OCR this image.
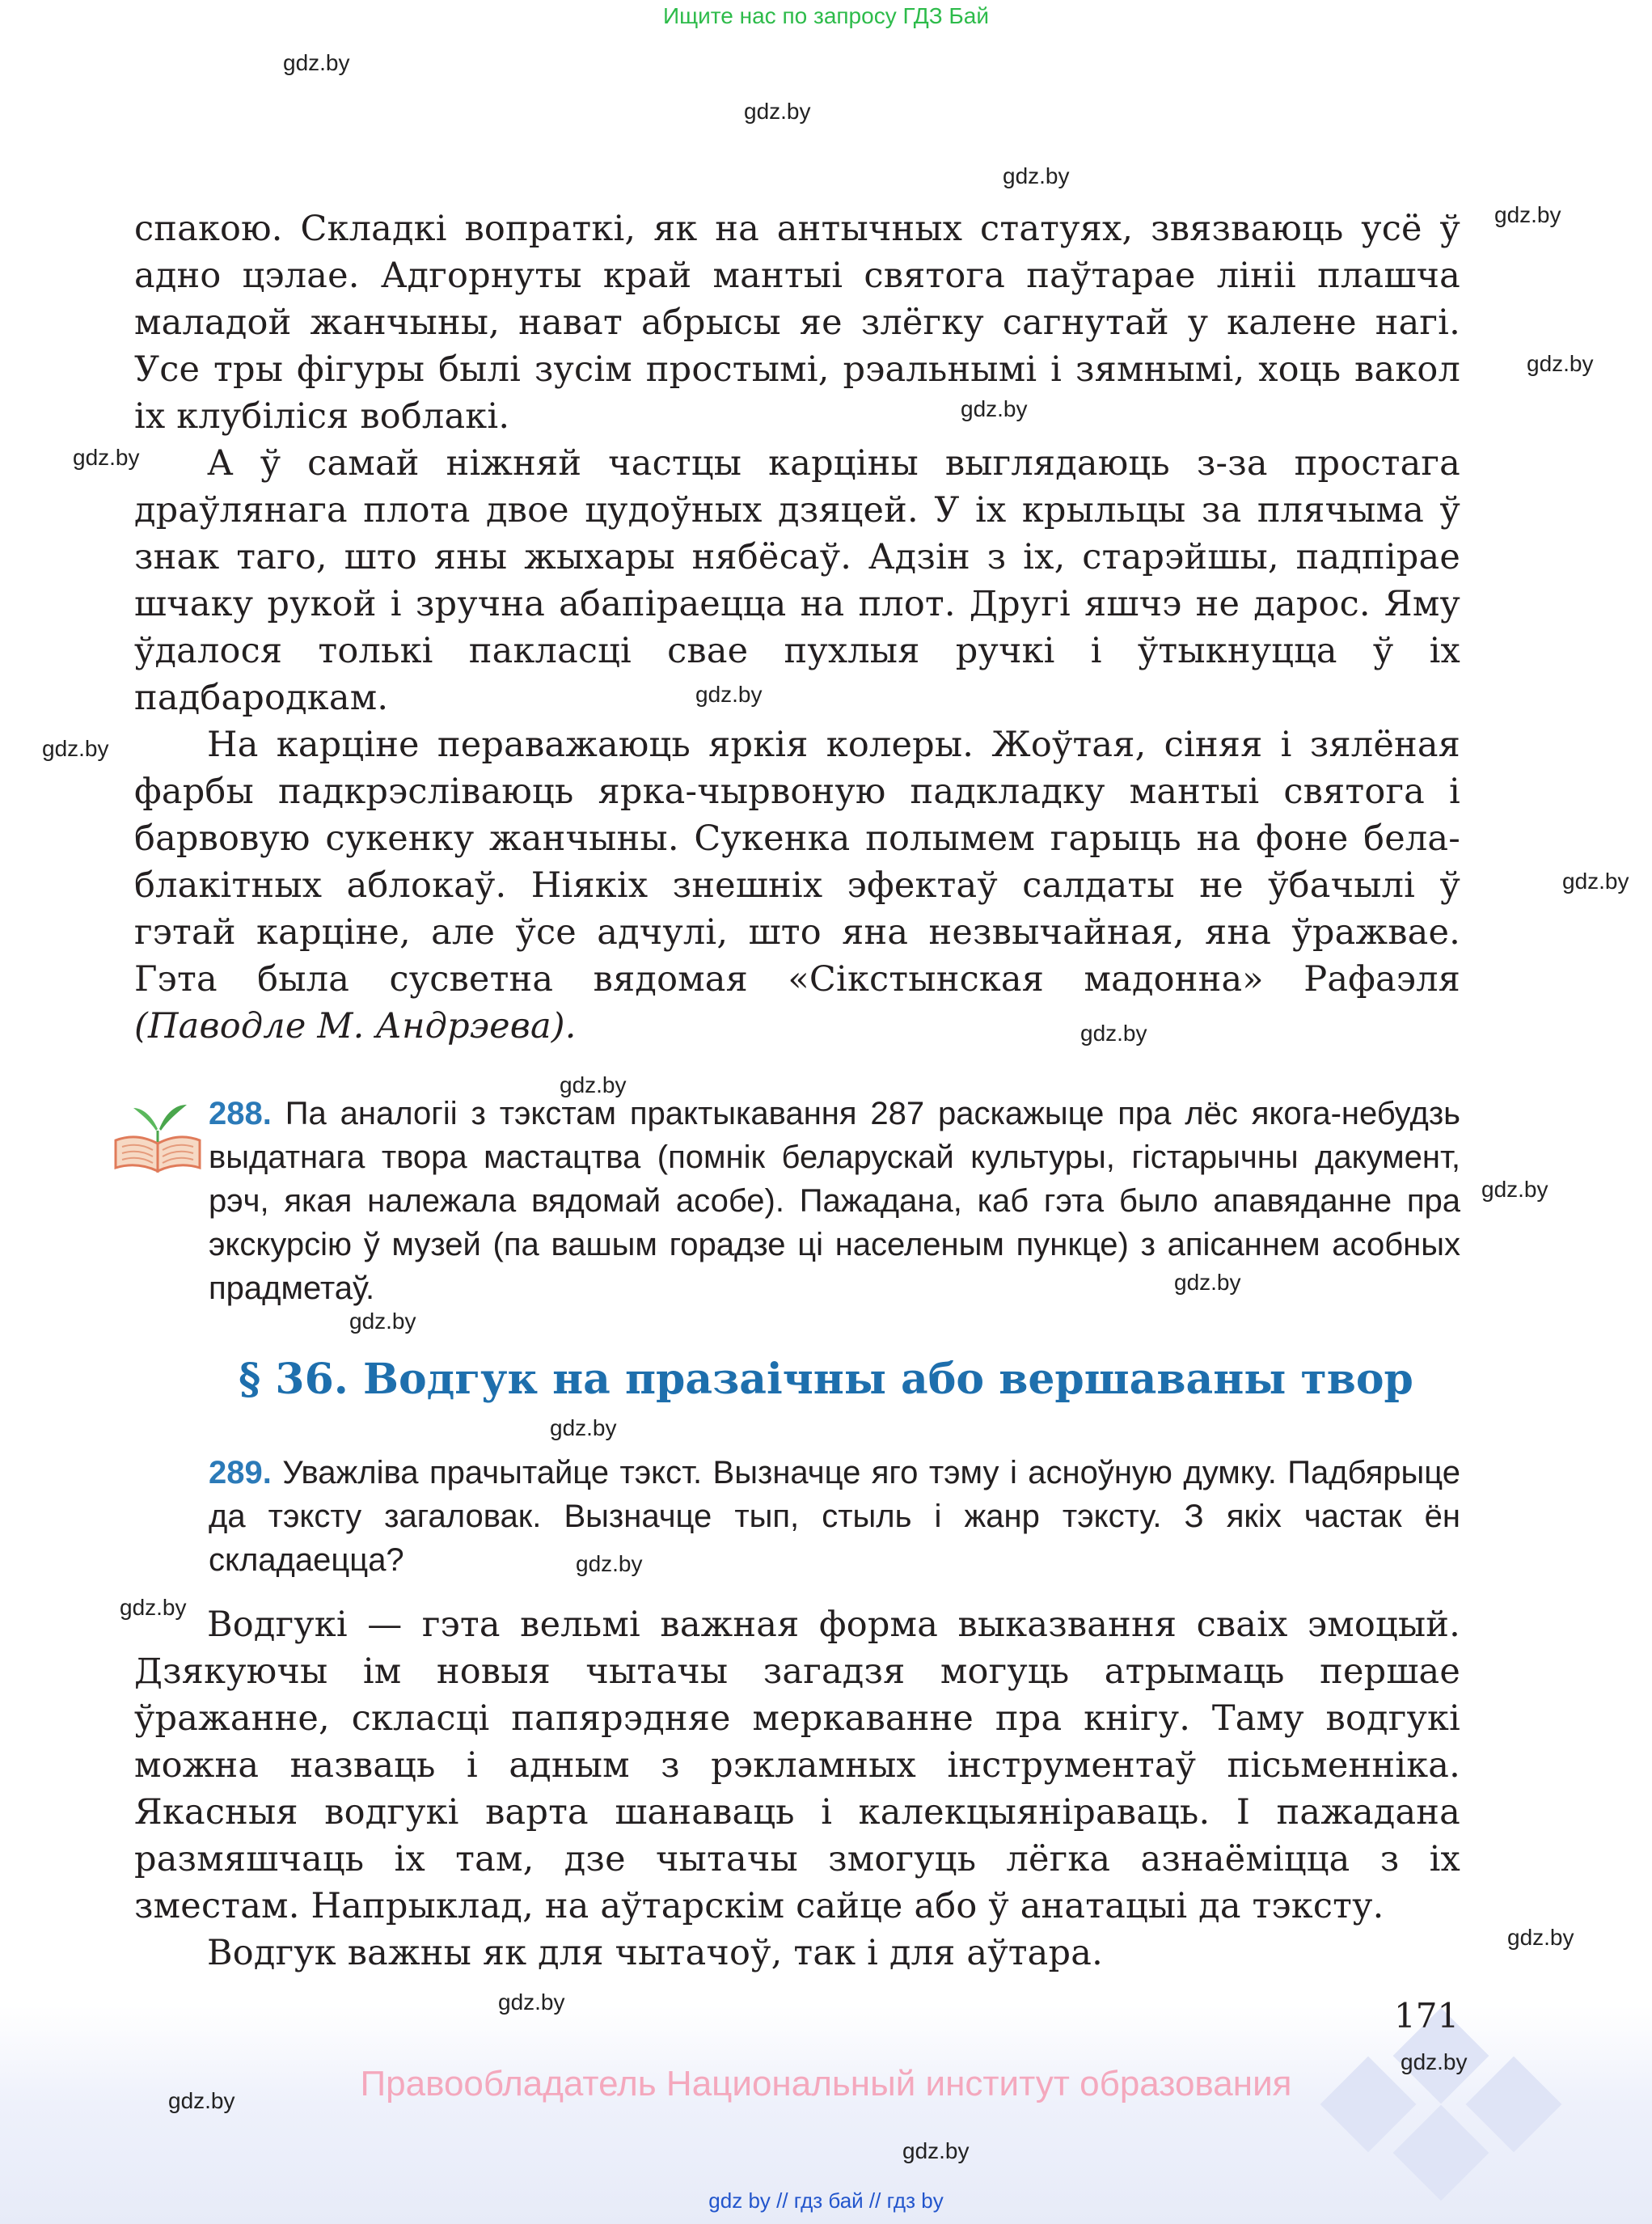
Ищите нас по запросу ГДЗ Бай
gdz.by
gdz.by
gdz.by
gdz.by
gdz.by
gdz.by
gdz.by
gdz.by
gdz.by
gdz.by
gdz.by
gdz.by
gdz.by
gdz.by
gdz.by
gdz.by
gdz.by
gdz.by
gdz.by
gdz.by
gdz.by
gdz.by
gdz.by

спакою. Складкі вопраткі, як на антычных статуях, звязваюць усё ў адно цэлае. Адгорнуты край мантыі святога паўтарае лініі плашча маладой жанчыны, нават абрысы яе злёгку сагнутай у калене нагі. Усе тры фігуры былі зусім простымі, рэальнымі і зямнымі, хоць вакол іх клубіліся воблакі.

А ў самай ніжняй частцы карціны выглядаюць з-за простага драўлянага плота двое цудоўных дзяцей. У іх крыльцы за плячыма ў знак таго, што яны жыхары нябёсаў. Адзін з іх, старэйшы, падпірае шчаку рукой і зручна абапіраецца на плот. Другі яшчэ не дарос. Яму ўдалося толькі пакласці свае пухлыя ручкі і ўтыкнуцца ў іх падбародкам.

На карціне пераважаюць яркія колеры. Жоўтая, сіняя і зялёная фарбы падкрэсліваюць ярка-чырвоную падкладку мантыі святога і барвовую сукенку жанчыны. Сукенка полымем гарыць на фоне бела-блакітных аблокаў. Ніякіх знешніх эфектаў салдаты не ўбачылі ў гэтай карціне, але ўсе адчулі, што яна незвычайная, яна ўражвае. Гэта была сусветна вядомая «Сікстынская мадонна» Рафаэля (Паводле М. Андрэева).

288. Па аналогіі з тэкстам практыкавання 287 раскажыце пра лёс якога-небудзь выдатнага твора мастацтва (помнік беларускай культуры, гістарычны дакумент, рэч, якая належала вядомай асобе). Пажадана, каб гэта было апавяданне пра экскурсію ў музей (па вашым горадзе ці населеным пункце) з апісаннем асобных прадметаў.
§ 36. Водгук на празаічны або вершаваны твор
289. Уважліва прачытайце тэкст. Вызначце яго тэму і асноўную думку. Падбярыце да тэксту загаловак. Вызначце тып, стыль і жанр тэксту. З якіх частак ён складаецца?

Водгукі — гэта вельмі важная форма выказвання сваіх эмоцый. Дзякуючы ім новыя чытачы загадзя могуць атрымаць першае ўражанне, скласці папярэдняе меркаванне пра кнігу. Таму водгукі можна назваць і адным з рэкламных інструментаў пісьменніка. Якасныя водгукі варта шанаваць і калекцыяніраваць. І пажадана размяшчаць іх там, дзе чытачы змогуць лёгка азнаёміцца з іх зместам. Напрыклад, на аўтарскім сайце або ў анатацыі да тэксту.

Водгук важны як для чытачоў, так і для аўтара.

171
Правообладатель Национальный институт образования
gdz by // гдз бай // гдз by
